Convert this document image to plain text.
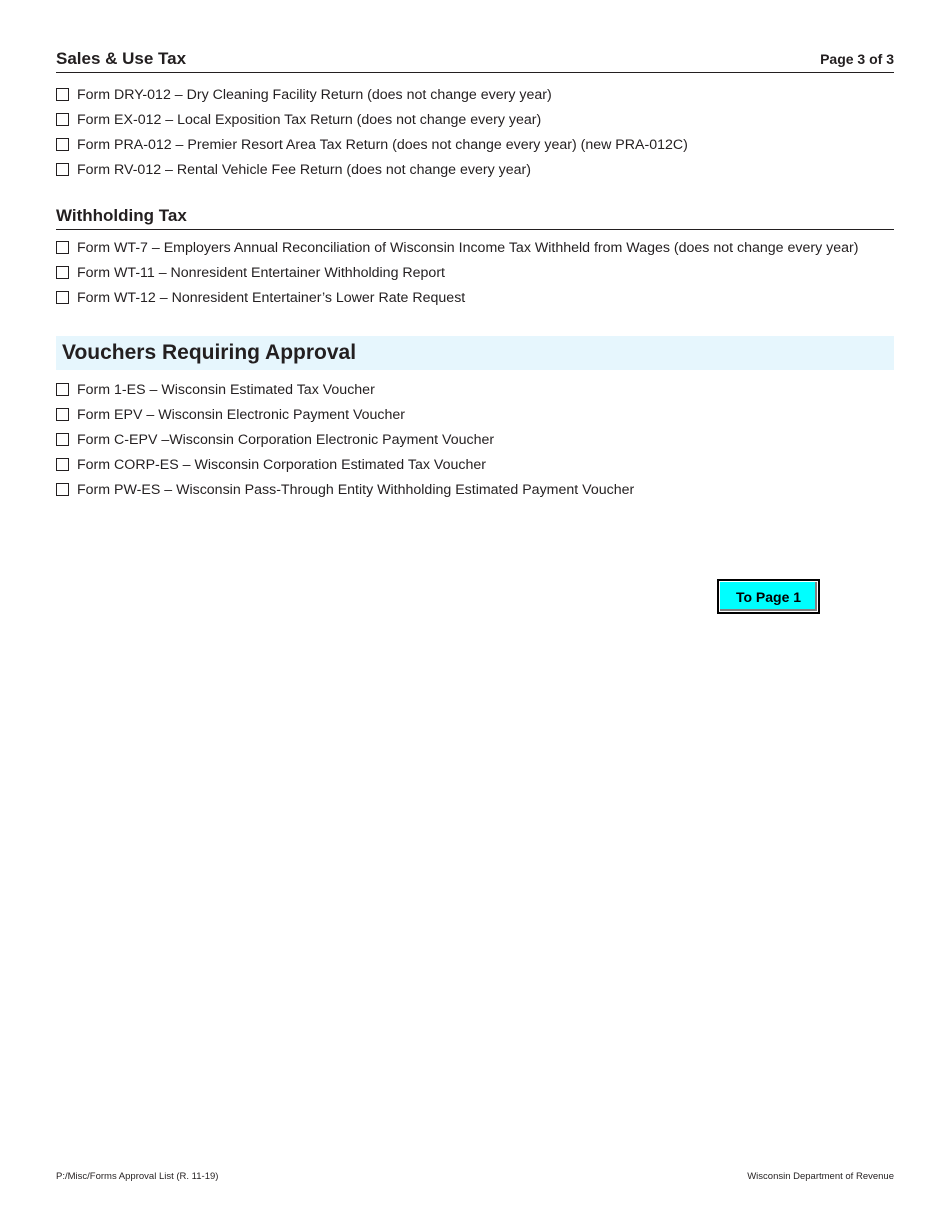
Sales & Use Tax	Page 3 of 3
Form DRY-012 – Dry Cleaning Facility Return (does not change every year)
Form EX-012 – Local Exposition Tax Return (does not change every year)
Form PRA-012 – Premier Resort Area Tax Return (does not change every year) (new PRA-012C)
Form RV-012 – Rental Vehicle Fee Return (does not change every year)
Withholding Tax
Form WT-7 – Employers Annual Reconciliation of Wisconsin Income Tax Withheld from Wages (does not change every year)
Form WT-11 – Nonresident Entertainer Withholding Report
Form WT-12 – Nonresident Entertainer’s Lower Rate Request
Vouchers Requiring Approval
Form 1-ES – Wisconsin Estimated Tax Voucher
Form EPV – Wisconsin Electronic Payment Voucher
Form C-EPV –Wisconsin Corporation Electronic Payment Voucher
Form CORP-ES – Wisconsin Corporation Estimated Tax Voucher
Form PW-ES – Wisconsin Pass-Through Entity Withholding Estimated Payment Voucher
To Page 1
P:/Misc/Forms Approval List (R. 11-19)	Wisconsin Department of Revenue
